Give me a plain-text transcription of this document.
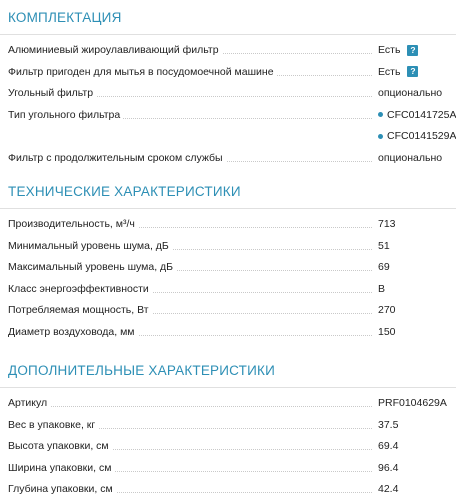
КОМПЛЕКТАЦИЯ
Алюминиевый жироулавливающий фильтр	Есть	?
Фильтр пригоден для мытья в посудомоечной машине	Есть	?
Угольный фильтр	опционально
Тип угольного фильтра	CFC0141725A
CFC0141529A
Фильтр с продолжительным сроком службы	опционально
ТЕХНИЧЕСКИЕ ХАРАКТЕРИСТИКИ
Производительность, м³/ч	713
Минимальный уровень шума, дБ	51
Максимальный уровень шума, дБ	69
Класс энергоэффективности	B
Потребляемая мощность, Вт	270
Диаметр воздуховода, мм	150
ДОПОЛНИТЕЛЬНЫЕ ХАРАКТЕРИСТИКИ
Артикул	PRF0104629A
Вес в упаковке, кг	37.5
Высота упаковки, см	69.4
Ширина упаковки, см	96.4
Глубина упаковки, см	42.4
